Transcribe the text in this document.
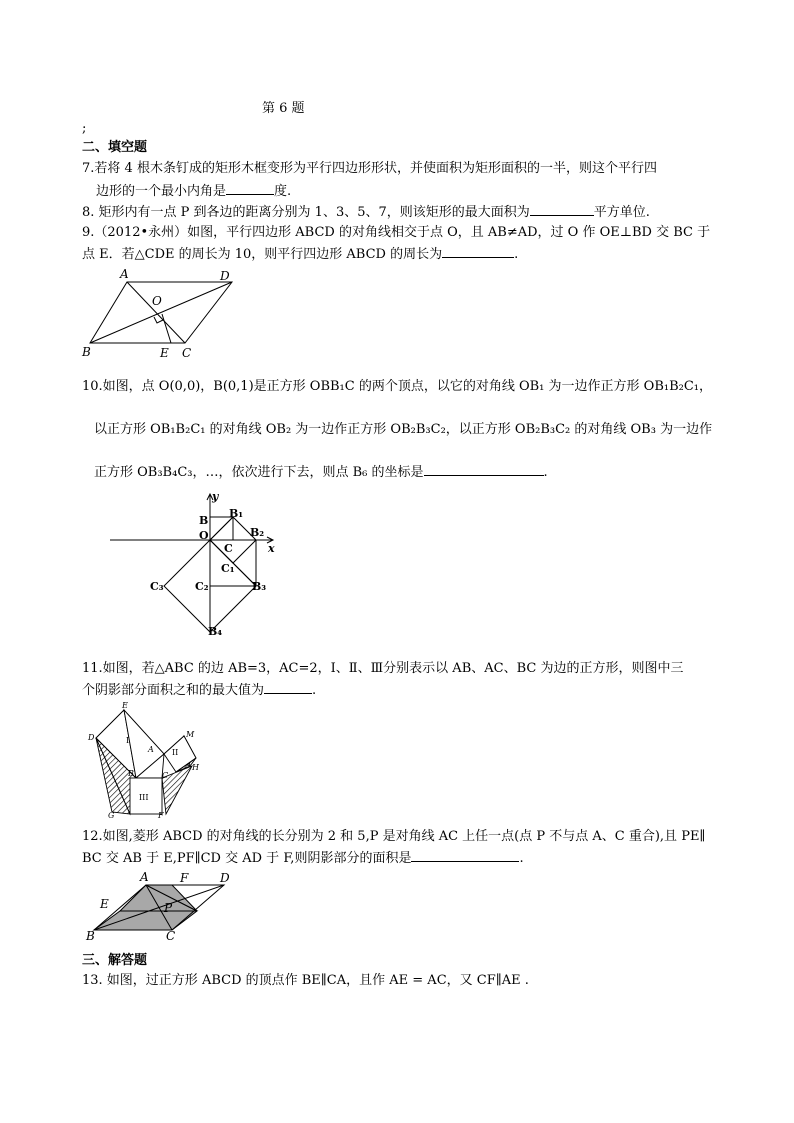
第 6 题
;
二、填空题
7.若将 4 根木条钉成的矩形木框变形为平行四边形形状，并使面积为矩形面积的一半，则这个平行四
边形的一个最小内角是	度.
8. 矩形内有一点 P 到各边的距离分别为 1、3、5、7，则该矩形的最大面积为	平方单位.
9.（2012•永州）如图，平行四边形 ABCD 的对角线相交于点 O，且 AB≠AD，过 O 作 OE⊥BD 交 BC 于
点 E．若△CDE 的周长为 10，则平行四边形 ABCD 的周长为	.
A	D
O
B	E C
10.如图，点 O(0,0)，B(0,1)是正方形 OBB₁C 的两个顶点，以它的对角线 OB₁ 为一边作正方形 OB₁B₂C₁，
以正方形 OB₁B₂C₁ 的对角线 OB₂ 为一边作正方形 OB₂B₃C₂，以正方形 OB₂B₃C₂ 的对角线 OB₃ 为一边作
正方形 OB₃B₄C₃，…，依次进行下去，则点 B₆ 的坐标是	.
y
x
B
B₁
B₂
O
C
C₁
C₂
C₃	B₃
B₄
11.如图，若△ABC 的边 AB=3，AC=2，Ⅰ、Ⅱ、Ⅲ分别表示以 AB、AC、BC 为边的正方形，则图中三
个阴影部分面积之和的最大值为	.
E
M
D	I
A II
H
B	C
III
G	F
12.如图,菱形 ABCD 的对角线的长分别为 2 和 5,P 是对角线 AC 上任一点(点 P 不与点 A、C 重合),且 PE∥
BC 交 AB 于 E,PF∥CD 交 AD 于 F,则阴影部分的面积是	.
A	F	D
E	P
B	C
三、解答题
13. 如图，过正方形 ABCD 的顶点作 BE∥CA，且作 AE = AC，又 CF∥AE .
